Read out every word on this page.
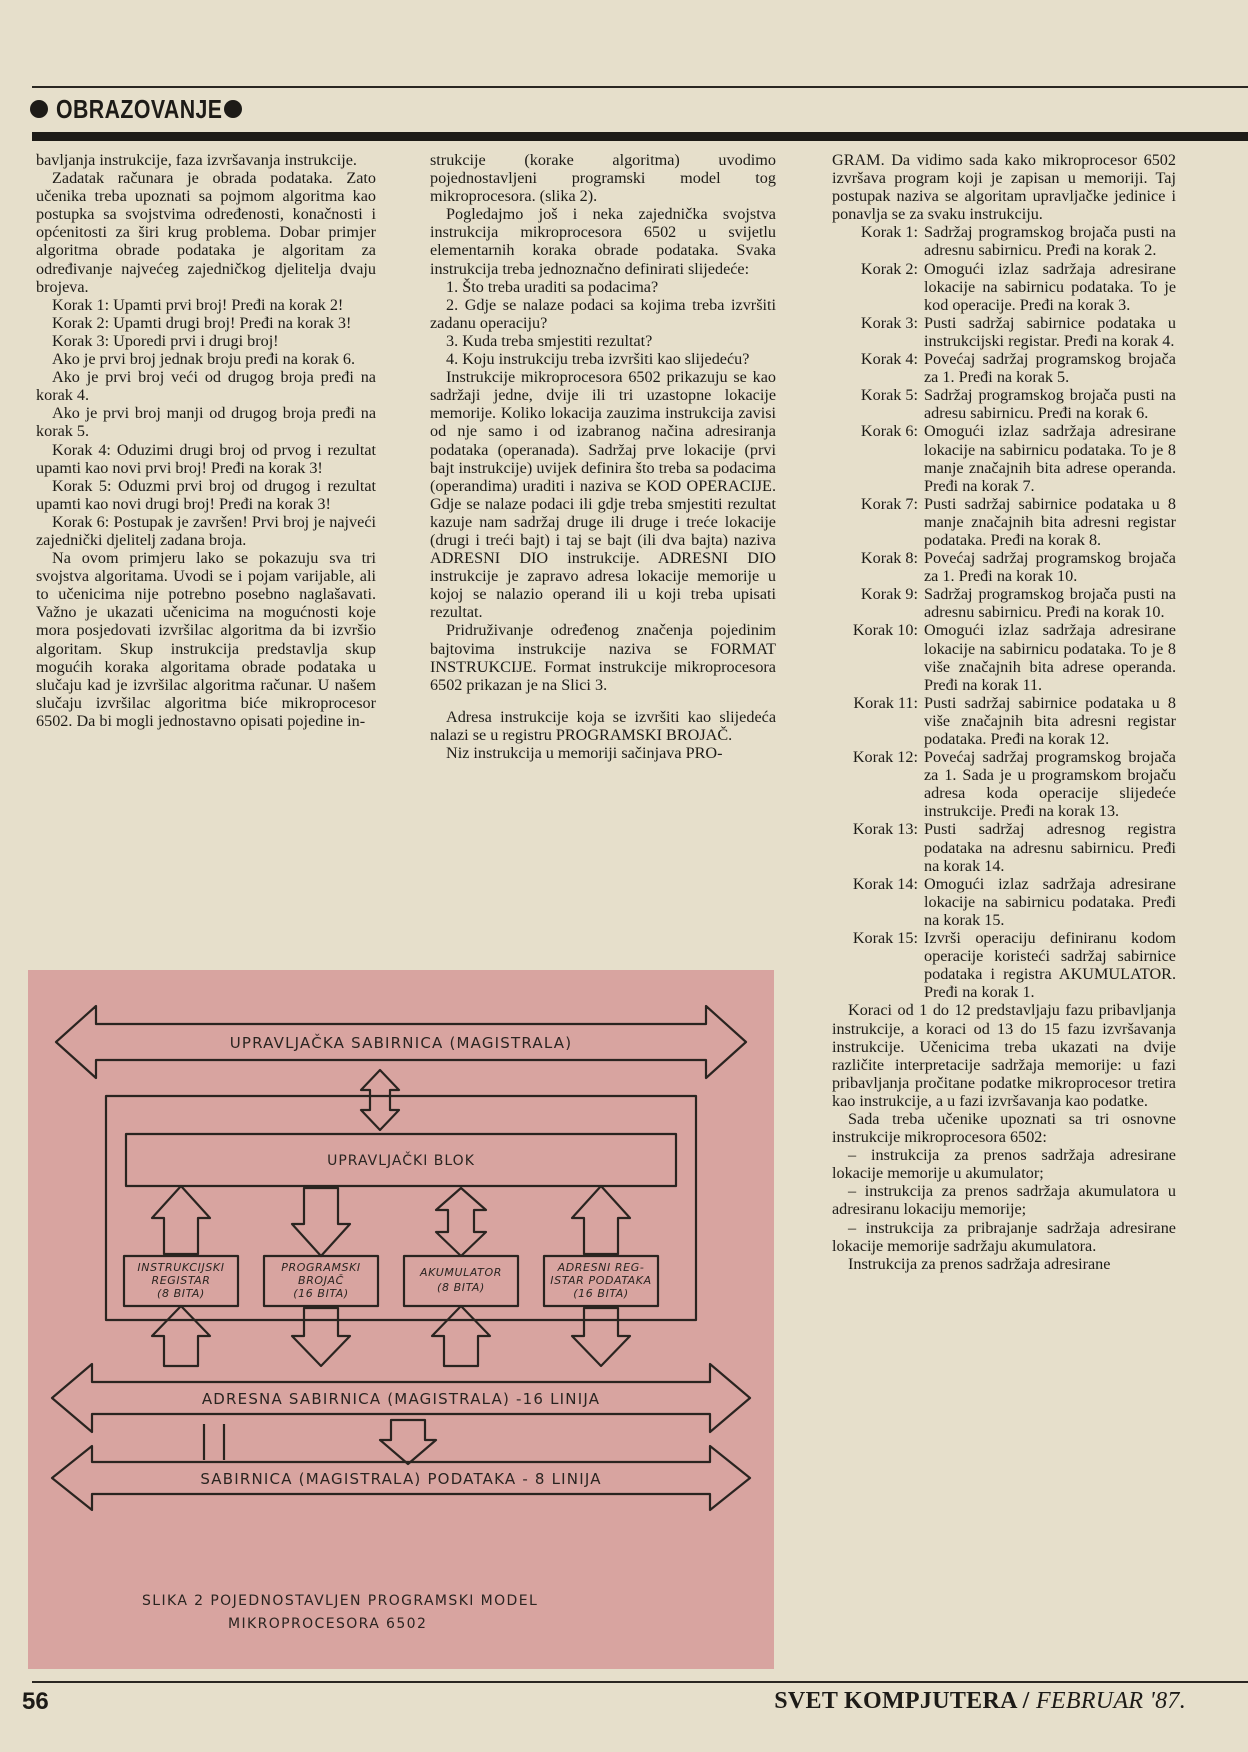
OBRAZOVANJE

bavljanja instrukcije, faza izvršavanja instrukcije.

Zadatak računara je obrada podataka. Zato učenika treba upoznati sa pojmom algoritma kao postupka sa svojstvima određenosti, konačnosti i općenitosti za širi krug problema. Dobar primjer algoritma obrade podataka je algoritam za određivanje najvećeg zajedničkog djelitelja dvaju brojeva.

Korak 1: Upamti prvi broj! Pređi na korak 2!

Korak 2: Upamti drugi broj! Pređi na korak 3!

Korak 3: Uporedi prvi i drugi broj!

Ako je prvi broj jednak broju pređi na korak 6.

Ako je prvi broj veći od drugog broja pređi na korak 4.

Ako je prvi broj manji od drugog broja pređi na korak 5.

Korak 4: Oduzimi drugi broj od prvog i rezultat upamti kao novi prvi broj! Pređi na korak 3!

Korak 5: Oduzmi prvi broj od drugog i rezultat upamti kao novi drugi broj! Pređi na korak 3!

Korak 6: Postupak je završen! Prvi broj je najveći zajednički djelitelj zadana broja.

Na ovom primjeru lako se pokazuju sva tri svojstva algoritama. Uvodi se i pojam varijable, ali to učenicima nije potrebno posebno naglašavati. Važno je ukazati učenicima na mogućnosti koje mora posjedovati izvršilac algoritma da bi izvršio algoritam. Skup instrukcija predstavlja skup mogućih koraka algoritama obrade podataka u slučaju kad je izvršilac algoritma računar. U našem slučaju izvršilac algoritma biće mikroprocesor 6502. Da bi mogli jednostavno opisati pojedine in-

strukcije (korake algoritma) uvodimo pojednostavljeni programski model tog mikroprocesora. (slika 2).

Pogledajmo još i neka zajednička svojstva instrukcija mikroprocesora 6502 u svijetlu elementarnih koraka obrade podataka. Svaka instrukcija treba jednoznačno definirati slijedeće:

1. Što treba uraditi sa podacima?

2. Gdje se nalaze podaci sa kojima treba izvršiti zadanu operaciju?

3. Kuda treba smjestiti rezultat?

4. Koju instrukciju treba izvršiti kao slijedeću?

Instrukcije mikroprocesora 6502 prikazuju se kao sadržaji jedne, dvije ili tri uzastopne lokacije memorije. Koliko lokacija zauzima instrukcija zavisi od nje samo i od izabranog načina adresiranja podataka (operanada). Sadržaj prve lokacije (prvi bajt instrukcije) uvijek definira što treba sa podacima (operandima) uraditi i naziva se KOD OPERACIJE. Gdje se nalaze podaci ili gdje treba smjestiti rezultat kazuje nam sadržaj druge ili druge i treće lokacije (drugi i treći bajt) i taj se bajt (ili dva bajta) naziva ADRESNI DIO instrukcije. ADRESNI DIO instrukcije je zapravo adresa lokacije memorije u kojoj se nalazio operand ili u koji treba upisati rezultat.

Pridruživanje određenog značenja pojedinim bajtovima instrukcije naziva se FORMAT INSTRUKCIJE. Format instrukcije mikroprocesora 6502 prikazan je na Slici 3.

Adresa instrukcije koja se izvršiti kao slijedeća nalazi se u registru PROGRAMSKI BROJAČ.

Niz instrukcija u memoriji sačinjava PRO-

GRAM. Da vidimo sada kako mikroprocesor 6502 izvršava program koji je zapisan u memoriji. Taj postupak naziva se algoritam upravljačke jedinice i ponavlja se za svaku instrukciju.

Korak 1: Sadržaj programskog brojača pusti na adresnu sabirnicu. Pređi na korak 2.
Korak 2: Omogući izlaz sadržaja adresirane lokacije na sabirnicu podataka. To je kod operacije. Pređi na korak 3.
Korak 3: Pusti sadržaj sabirnice podataka u instrukcijski registar. Pređi na korak 4.
Korak 4: Povećaj sadržaj programskog brojača za 1. Pređi na korak 5.
Korak 5: Sadržaj programskog brojača pusti na adresu sabirnicu. Pređi na korak 6.
Korak 6: Omogući izlaz sadržaja adresirane lokacije na sabirnicu podataka. To je 8 manje značajnih bita adrese operanda. Pređi na korak 7.
Korak 7: Pusti sadržaj sabirnice podataka u 8 manje značajnih bita adresni registar podataka. Pređi na korak 8.
Korak 8: Povećaj sadržaj programskog brojača za 1. Pređi na korak 10.
Korak 9: Sadržaj programskog brojača pusti na adresnu sabirnicu. Pređi na korak 10.
Korak 10: Omogući izlaz sadržaja adresirane lokacije na sabirnicu podataka. To je 8 više značajnih bita adrese operanda. Pređi na korak 11.
Korak 11: Pusti sadržaj sabirnice podataka u 8 više značajnih bita adresni registar podataka. Pređi na korak 12.
Korak 12: Povećaj sadržaj programskog brojača za 1. Sada je u programskom brojaču adresa koda operacije slijedeće instrukcije. Pređi na korak 13.
Korak 13: Pusti sadržaj adresnog registra podataka na adresnu sabirnicu. Pređi na korak 14.
Korak 14: Omogući izlaz sadržaja adresirane lokacije na sabirnicu podataka. Pređi na korak 15.
Korak 15: Izvrši operaciju definiranu kodom operacije koristeći sadržaj sabirnice podataka i registra AKUMULATOR. Pređi na korak 1.

Koraci od 1 do 12 predstavljaju fazu pribavljanja instrukcije, a koraci od 13 do 15 fazu izvršavanja instrukcije. Učenicima treba ukazati na dvije različite interpretacije sadržaja memorije: u fazi pribavljanja pročitane podatke mikroprocesor tretira kao instrukcije, a u fazi izvršavanja kao podatke.

Sada treba učenike upoznati sa tri osnovne instrukcije mikroprocesora 6502:

– instrukcija za prenos sadržaja adresirane lokacije memorije u akumulator;

– instrukcija za prenos sadržaja akumulatora u adresiranu lokaciju memorije;

– instrukcija za pribrajanje sadržaja adresirane lokacije memorije sadržaju akumulatora.

Instrukcija za prenos sadržaja adresirane

UPRAVLJAČKA SABIRNICA (MAGISTRALA)
UPRAVLJAČKI BLOK
INSTRUKCIJSKI
REGISTAR
(8 BITA)
PROGRAMSKI
BROJAČ
(16 BITA)
AKUMULATOR
(8 BITA)
ADRESNI REG-
ISTAR PODATAKA
(16 BITA)
ADRESNA SABIRNICA (MAGISTRALA) -16 LINIJA
SABIRNICA (MAGISTRALA) PODATAKA - 8 LINIJA
SLIKA 2 POJEDNOSTAVLJEN PROGRAMSKI MODEL
MIKROPROCESORA 6502
56	SVET KOMPJUTERA / FEBRUAR '87.
